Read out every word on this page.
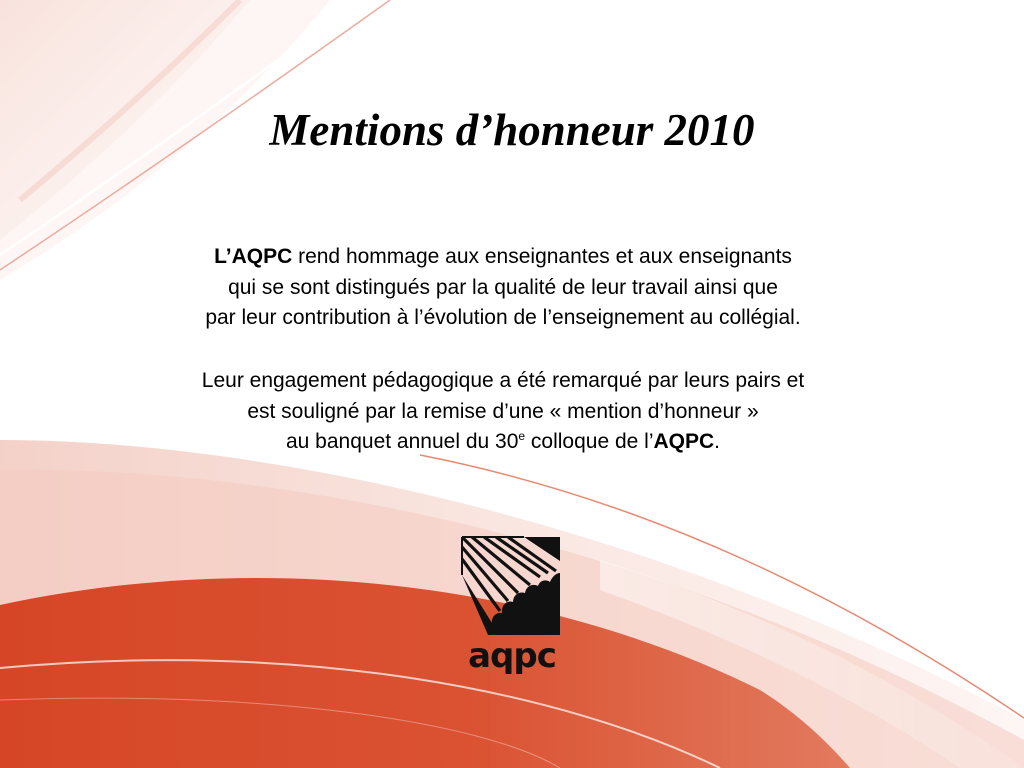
Mentions d’honneur 2010

L’AQPC rend hommage aux enseignantes et aux enseignants
qui se sont distingués par la qualité de leur travail ainsi que
par leur contribution à l’évolution de l’enseignement au collégial.

Leur engagement pédagogique a été remarqué par leurs pairs et
est souligné par la remise d’une « mention d’honneur »
au banquet annuel du 30e colloque de l’AQPC.

aqpc
